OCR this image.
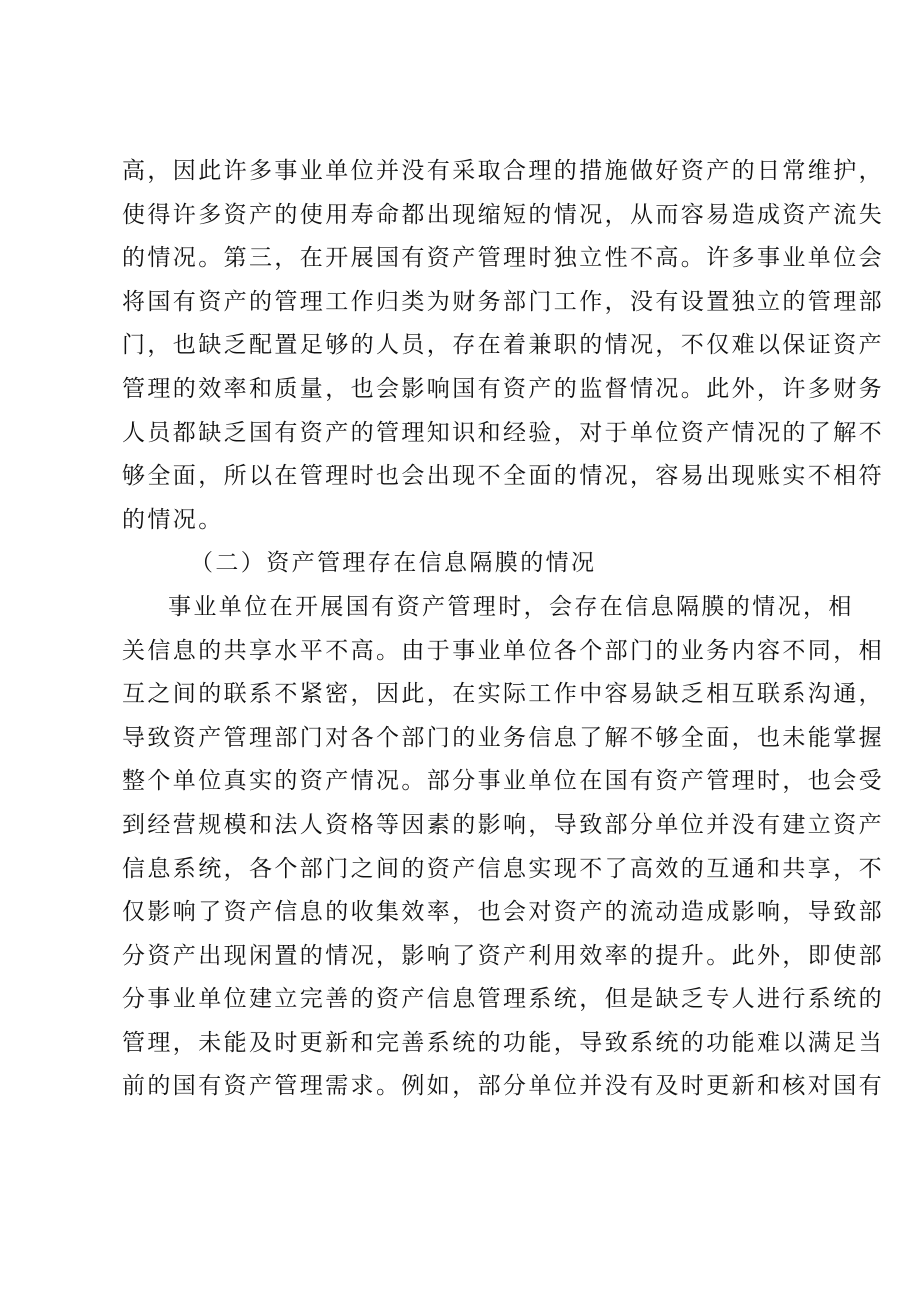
高，因此许多事业单位并没有采取合理的措施做好资产的日常维护，
使得许多资产的使用寿命都出现缩短的情况，从而容易造成资产流失
的情况。第三，在开展国有资产管理时独立性不高。许多事业单位会
将国有资产的管理工作归类为财务部门工作，没有设置独立的管理部
门，也缺乏配置足够的人员，存在着兼职的情况，不仅难以保证资产
管理的效率和质量，也会影响国有资产的监督情况。此外，许多财务
人员都缺乏国有资产的管理知识和经验，对于单位资产情况的了解不
够全面，所以在管理时也会出现不全面的情况，容易出现账实不相符
的情况。
（二）资产管理存在信息隔膜的情况
事业单位在开展国有资产管理时，会存在信息隔膜的情况，相
关信息的共享水平不高。由于事业单位各个部门的业务内容不同，相
互之间的联系不紧密，因此，在实际工作中容易缺乏相互联系沟通，
导致资产管理部门对各个部门的业务信息了解不够全面，也未能掌握
整个单位真实的资产情况。部分事业单位在国有资产管理时，也会受
到经营规模和法人资格等因素的影响，导致部分单位并没有建立资产
信息系统，各个部门之间的资产信息实现不了高效的互通和共享，不
仅影响了资产信息的收集效率，也会对资产的流动造成影响，导致部
分资产出现闲置的情况，影响了资产利用效率的提升。此外，即使部
分事业单位建立完善的资产信息管理系统，但是缺乏专人进行系统的
管理，未能及时更新和完善系统的功能，导致系统的功能难以满足当
前的国有资产管理需求。例如，部分单位并没有及时更新和核对国有
